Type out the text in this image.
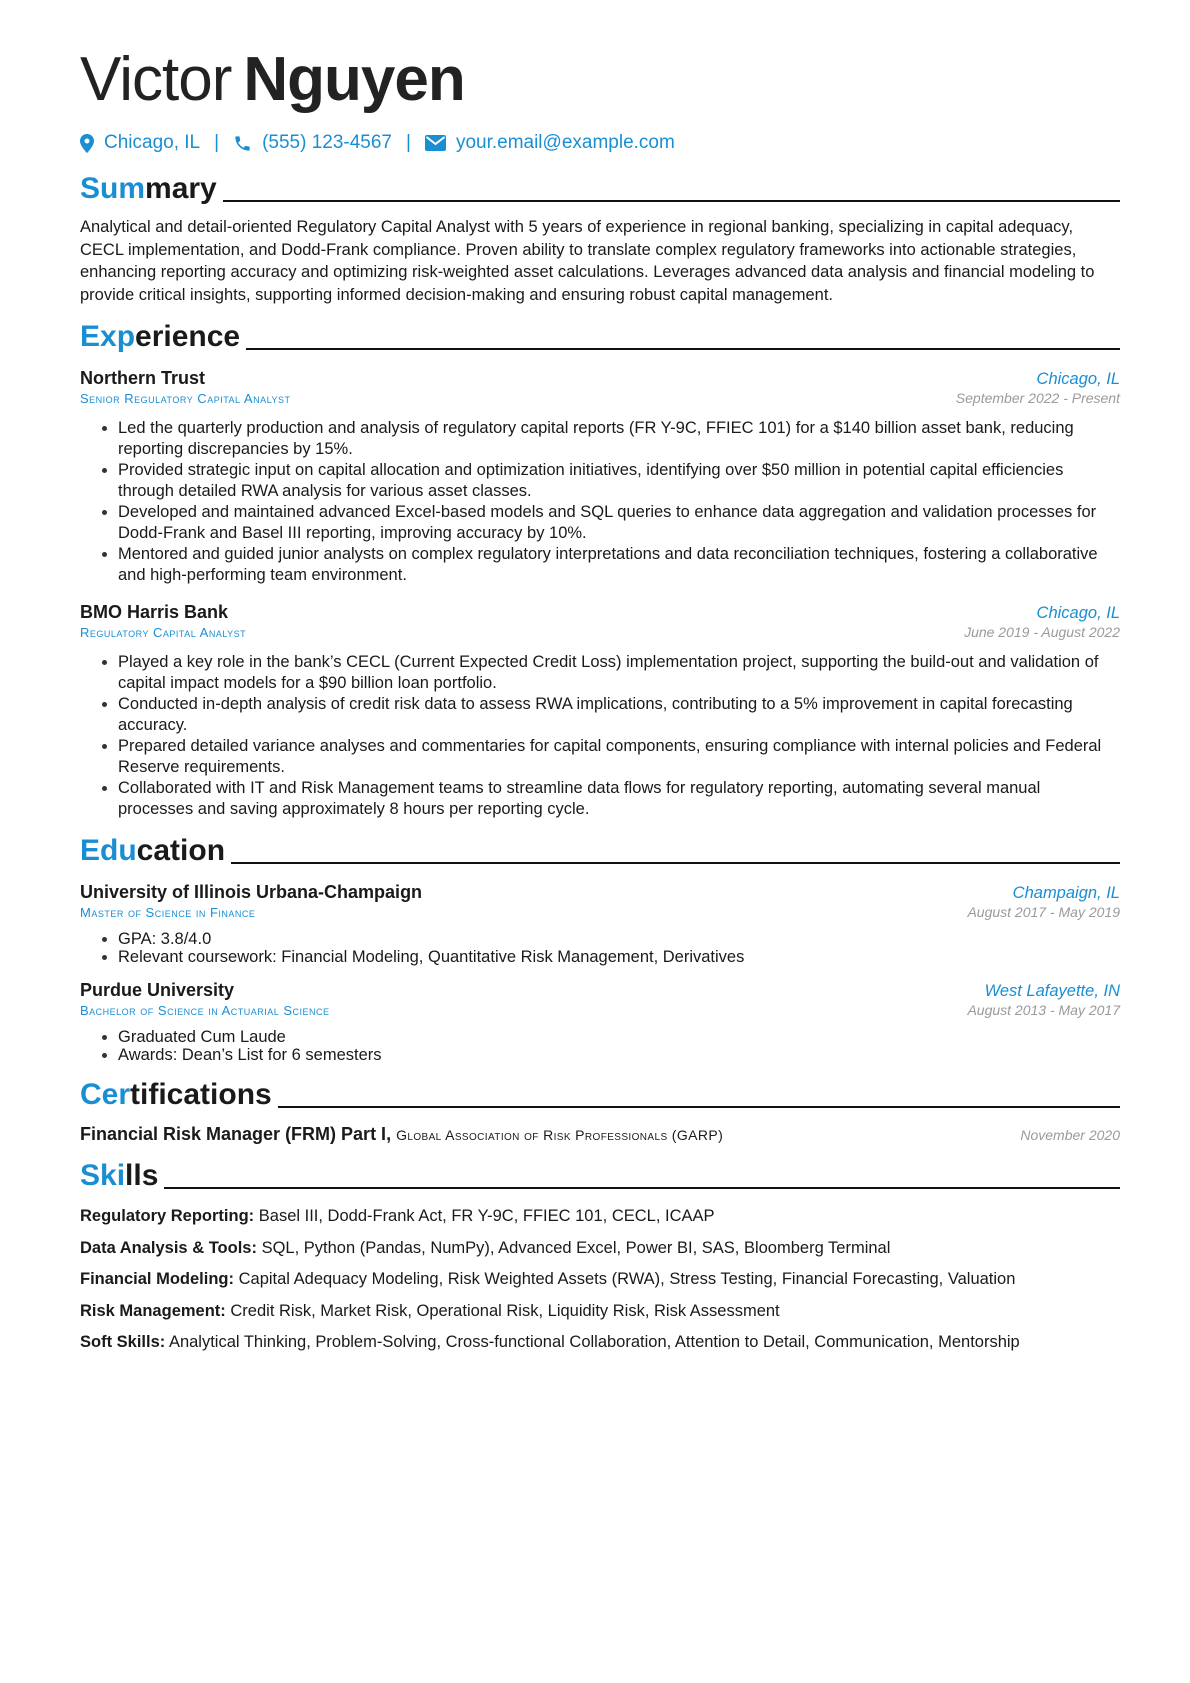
Victor Nguyen
Chicago, IL | (555) 123-4567 | your.email@example.com
Summary
Analytical and detail-oriented Regulatory Capital Analyst with 5 years of experience in regional banking, specializing in capital adequacy, CECL implementation, and Dodd-Frank compliance. Proven ability to translate complex regulatory frameworks into actionable strategies, enhancing reporting accuracy and optimizing risk-weighted asset calculations. Leverages advanced data analysis and financial modeling to provide critical insights, supporting informed decision-making and ensuring robust capital management.
Experience
Northern Trust	Chicago, IL
Senior Regulatory Capital Analyst	September 2022 - Present
• Led the quarterly production and analysis of regulatory capital reports (FR Y-9C, FFIEC 101) for a $140 billion asset bank, reducing reporting discrepancies by 15%.
• Provided strategic input on capital allocation and optimization initiatives, identifying over $50 million in potential capital efficiencies through detailed RWA analysis for various asset classes.
• Developed and maintained advanced Excel-based models and SQL queries to enhance data aggregation and validation processes for Dodd-Frank and Basel III reporting, improving accuracy by 10%.
• Mentored and guided junior analysts on complex regulatory interpretations and data reconciliation techniques, fostering a collaborative and high-performing team environment.
BMO Harris Bank	Chicago, IL
Regulatory Capital Analyst	June 2019 - August 2022
• Played a key role in the bank’s CECL (Current Expected Credit Loss) implementation project, supporting the build-out and validation of capital impact models for a $90 billion loan portfolio.
• Conducted in-depth analysis of credit risk data to assess RWA implications, contributing to a 5% improvement in capital forecasting accuracy.
• Prepared detailed variance analyses and commentaries for capital components, ensuring compliance with internal policies and Federal Reserve requirements.
• Collaborated with IT and Risk Management teams to streamline data flows for regulatory reporting, automating several manual processes and saving approximately 8 hours per reporting cycle.
Education
University of Illinois Urbana-Champaign	Champaign, IL
Master of Science in Finance	August 2017 - May 2019
• GPA: 3.8/4.0
• Relevant coursework: Financial Modeling, Quantitative Risk Management, Derivatives
Purdue University	West Lafayette, IN
Bachelor of Science in Actuarial Science	August 2013 - May 2017
• Graduated Cum Laude
• Awards: Dean’s List for 6 semesters
Certifications
Financial Risk Manager (FRM) Part I, Global Association of Risk Professionals (GARP)	November 2020
Skills
Regulatory Reporting: Basel III, Dodd-Frank Act, FR Y-9C, FFIEC 101, CECL, ICAAP
Data Analysis & Tools: SQL, Python (Pandas, NumPy), Advanced Excel, Power BI, SAS, Bloomberg Terminal
Financial Modeling: Capital Adequacy Modeling, Risk Weighted Assets (RWA), Stress Testing, Financial Forecasting, Valuation
Risk Management: Credit Risk, Market Risk, Operational Risk, Liquidity Risk, Risk Assessment
Soft Skills: Analytical Thinking, Problem-Solving, Cross-functional Collaboration, Attention to Detail, Communication, Mentorship
